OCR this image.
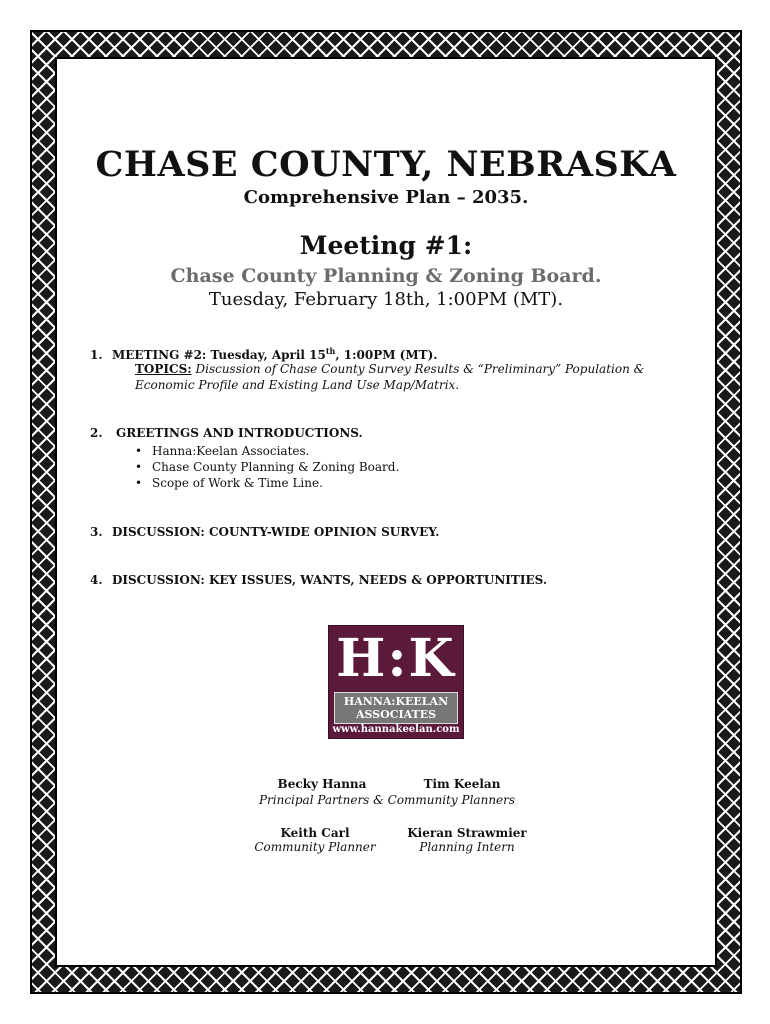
CHASE COUNTY, NEBRASKA
Comprehensive Plan – 2035.
Meeting #1:
Chase County Planning & Zoning Board.
Tuesday, February 18th, 1:00PM (MT).
1. MEETING #2: Tuesday, April 15th, 1:00PM (MT).
TOPICS: Discussion of Chase County Survey Results & “Preliminary” Population & Economic Profile and Existing Land Use Map/Matrix.
2. GREETINGS AND INTRODUCTIONS.
• Hanna:Keelan Associates.
• Chase County Planning & Zoning Board.
• Scope of Work & Time Line.
3. DISCUSSION: COUNTY-WIDE OPINION SURVEY.
4. DISCUSSION: KEY ISSUES, WANTS, NEEDS & OPPORTUNITIES.
H:K
HANNA:KEELAN
ASSOCIATES
www.hannakeelan.com
Becky Hanna	Tim Keelan
Principal Partners & Community Planners
Keith Carl
Community Planner
Kieran Strawmier
Planning Intern
